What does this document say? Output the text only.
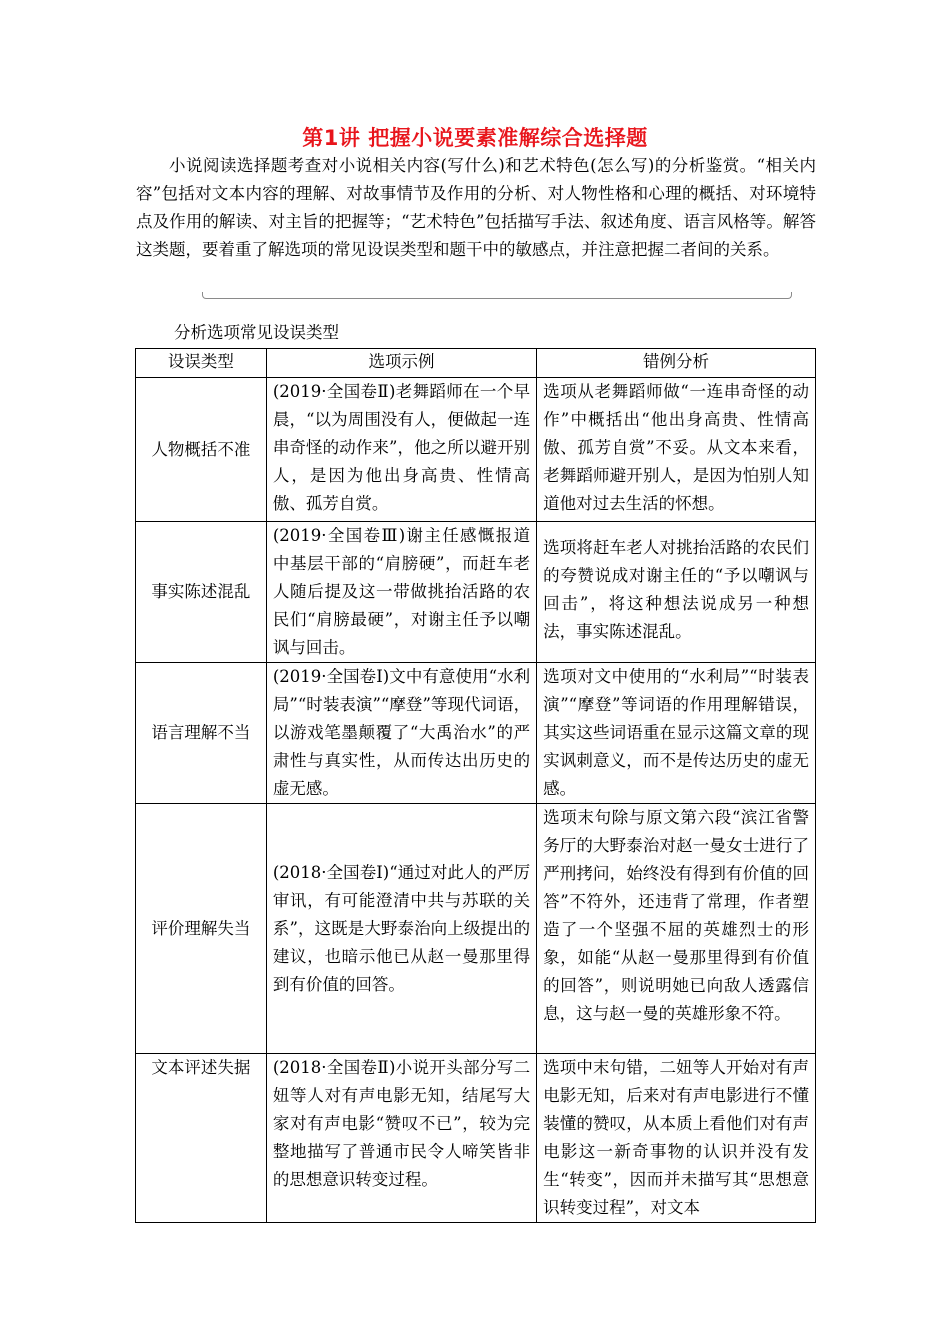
第1讲 把握小说要素准解综合选择题
小说阅读选择题考查对小说相关内容(写什么)和艺术特色(怎么写)的分析鉴赏。“相关内容”包括对文本内容的理解、对故事情节及作用的分析、对人物性格和心理的概括、对环境特点及作用的解读、对主旨的把握等；“艺术特色”包括描写手法、叙述角度、语言风格等。解答这类题，要着重了解选项的常见设误类型和题干中的敏感点，并注意把握二者间的关系。
分析选项常见设误类型
设误类型	选项示例	错例分析
人物概括不准	(2019·全国卷Ⅱ)老舞蹈师在一个早晨，“以为周围没有人，便做起一连串奇怪的动作来”，他之所以避开别人，是因为他出身高贵、性情高傲、孤芳自赏。	选项从老舞蹈师做“一连串奇怪的动作”中概括出“他出身高贵、性情高傲、孤芳自赏”不妥。从文本来看，老舞蹈师避开别人，是因为怕别人知道他对过去生活的怀想。
事实陈述混乱	(2019·全国卷Ⅲ)谢主任感慨报道中基层干部的“肩膀硬”，而赶车老人随后提及这一带做挑抬活路的农民们“肩膀最硬”，对谢主任予以嘲讽与回击。	选项将赶车老人对挑抬活路的农民们的夸赞说成对谢主任的“予以嘲讽与回击”，将这种想法说成另一种想法，事实陈述混乱。
语言理解不当	(2019·全国卷Ⅰ)文中有意使用“水利局”“时装表演”“摩登”等现代词语，以游戏笔墨颠覆了“大禹治水”的严肃性与真实性，从而传达出历史的虚无感。	选项对文中使用的“水利局”“时装表演”“摩登”等词语的作用理解错误，其实这些词语重在显示这篇文章的现实讽刺意义，而不是传达历史的虚无感。
评价理解失当	(2018·全国卷Ⅰ)“通过对此人的严厉审讯，有可能澄清中共与苏联的关系”，这既是大野泰治向上级提出的建议，也暗示他已从赵一曼那里得到有价值的回答。	选项末句除与原文第六段“滨江省警务厅的大野泰治对赵一曼女士进行了严刑拷问，始终没有得到有价值的回答”不符外，还违背了常理，作者塑造了一个坚强不屈的英雄烈士的形象，如能“从赵一曼那里得到有价值的回答”，则说明她已向敌人透露信息，这与赵一曼的英雄形象不符。
文本评述失据	(2018·全国卷Ⅱ)小说开头部分写二妞等人对有声电影无知，结尾写大家对有声电影“赞叹不已”，较为完整地描写了普通市民令人啼笑皆非的思想意识转变过程。	选项中末句错，二妞等人开始对有声电影无知，后来对有声电影进行不懂装懂的赞叹，从本质上看他们对有声电影这一新奇事物的认识并没有发生“转变”，因而并未描写其“思想意识转变过程”，对文本
